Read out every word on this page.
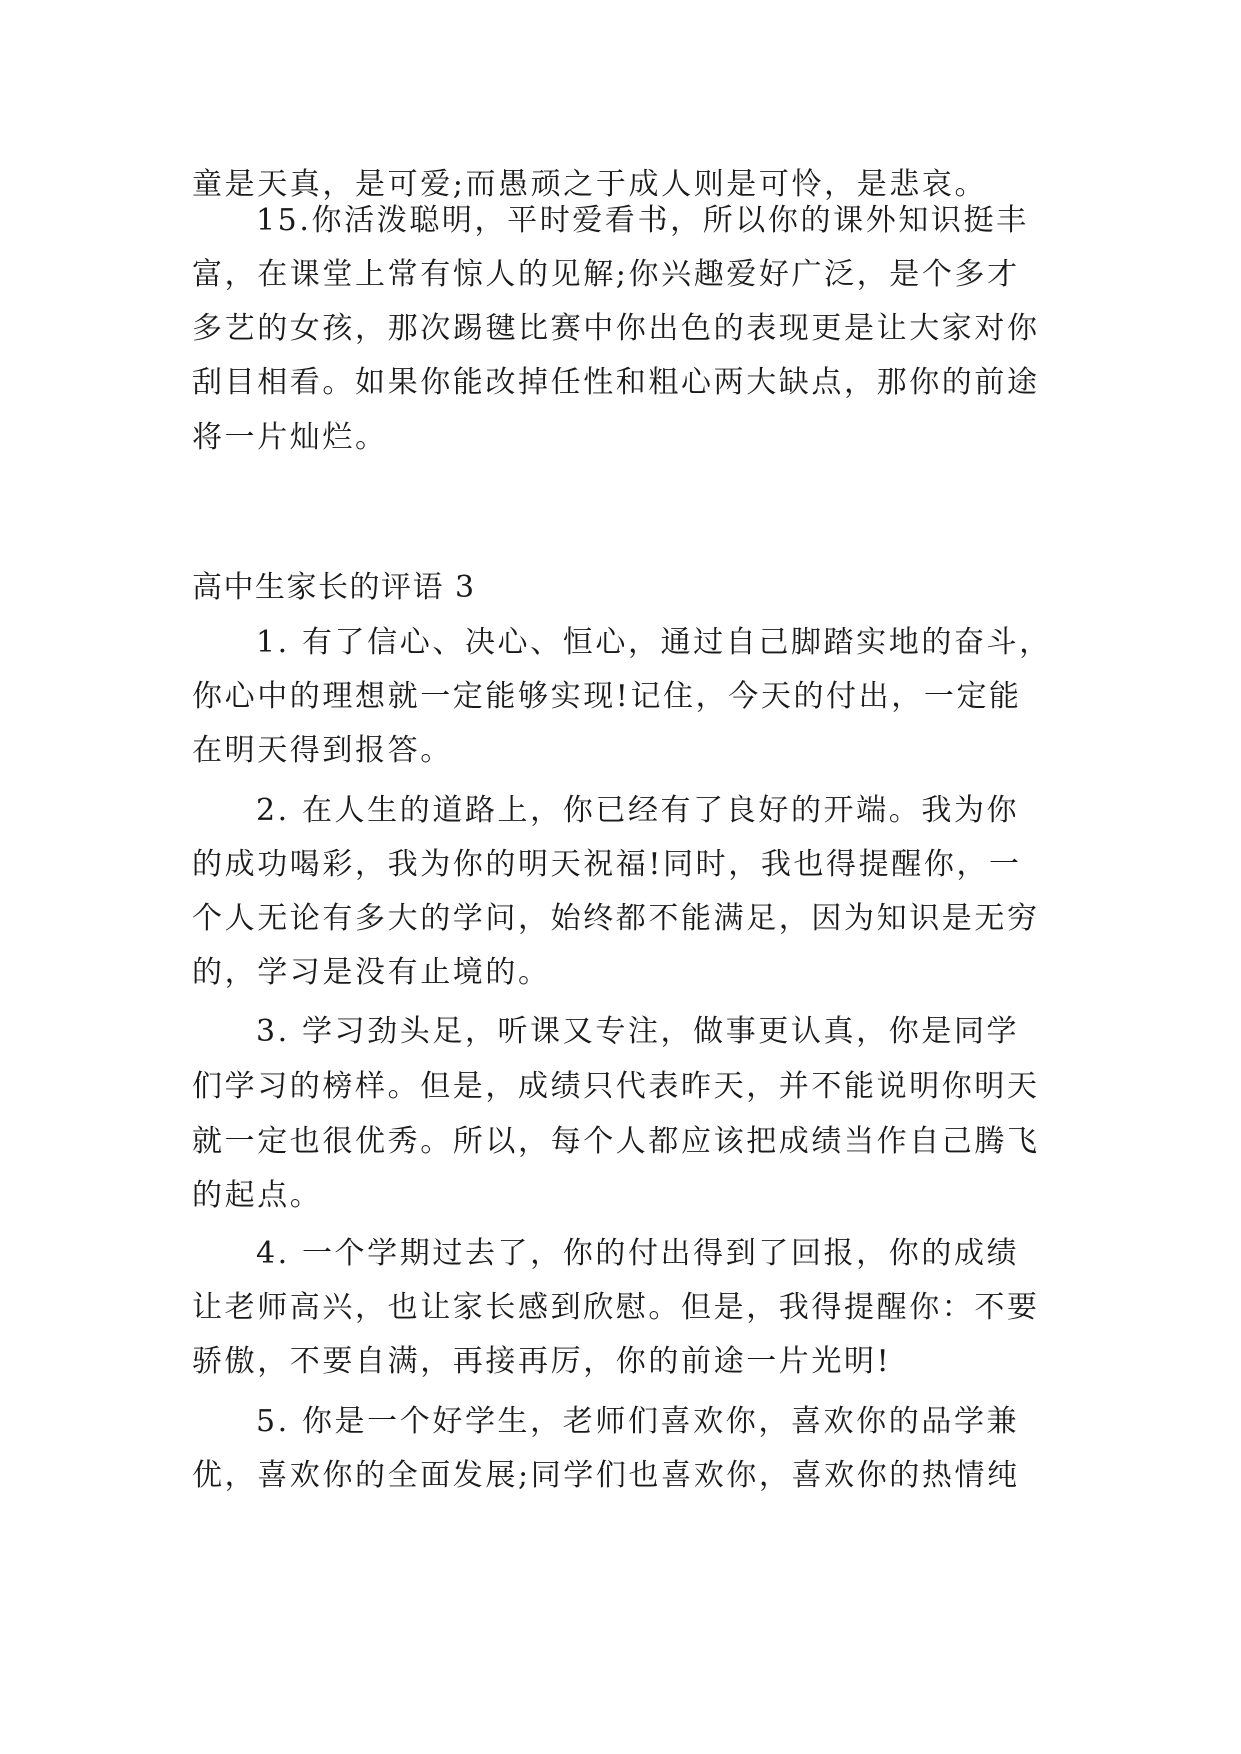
童是天真，是可爱;而愚顽之于成人则是可怜，是悲哀。
15.你活泼聪明，平时爱看书，所以你的课外知识挺丰
富，在课堂上常有惊人的见解;你兴趣爱好广泛，是个多才
多艺的女孩，那次踢毽比赛中你出色的表现更是让大家对你
刮目相看。如果你能改掉任性和粗心两大缺点，那你的前途
将一片灿烂。
高中生家长的评语 3
1. 有了信心、决心、恒心，通过自己脚踏实地的奋斗，
你心中的理想就一定能够实现!记住，今天的付出，一定能
在明天得到报答。
2. 在人生的道路上，你已经有了良好的开端。我为你
的成功喝彩，我为你的明天祝福!同时，我也得提醒你，一
个人无论有多大的学问，始终都不能满足，因为知识是无穷
的，学习是没有止境的。
3. 学习劲头足，听课又专注，做事更认真，你是同学
们学习的榜样。但是，成绩只代表昨天，并不能说明你明天
就一定也很优秀。所以，每个人都应该把成绩当作自己腾飞
的起点。
4. 一个学期过去了，你的付出得到了回报，你的成绩
让老师高兴，也让家长感到欣慰。但是，我得提醒你：不要
骄傲，不要自满，再接再厉，你的前途一片光明!
5. 你是一个好学生，老师们喜欢你，喜欢你的品学兼
优，喜欢你的全面发展;同学们也喜欢你，喜欢你的热情纯
